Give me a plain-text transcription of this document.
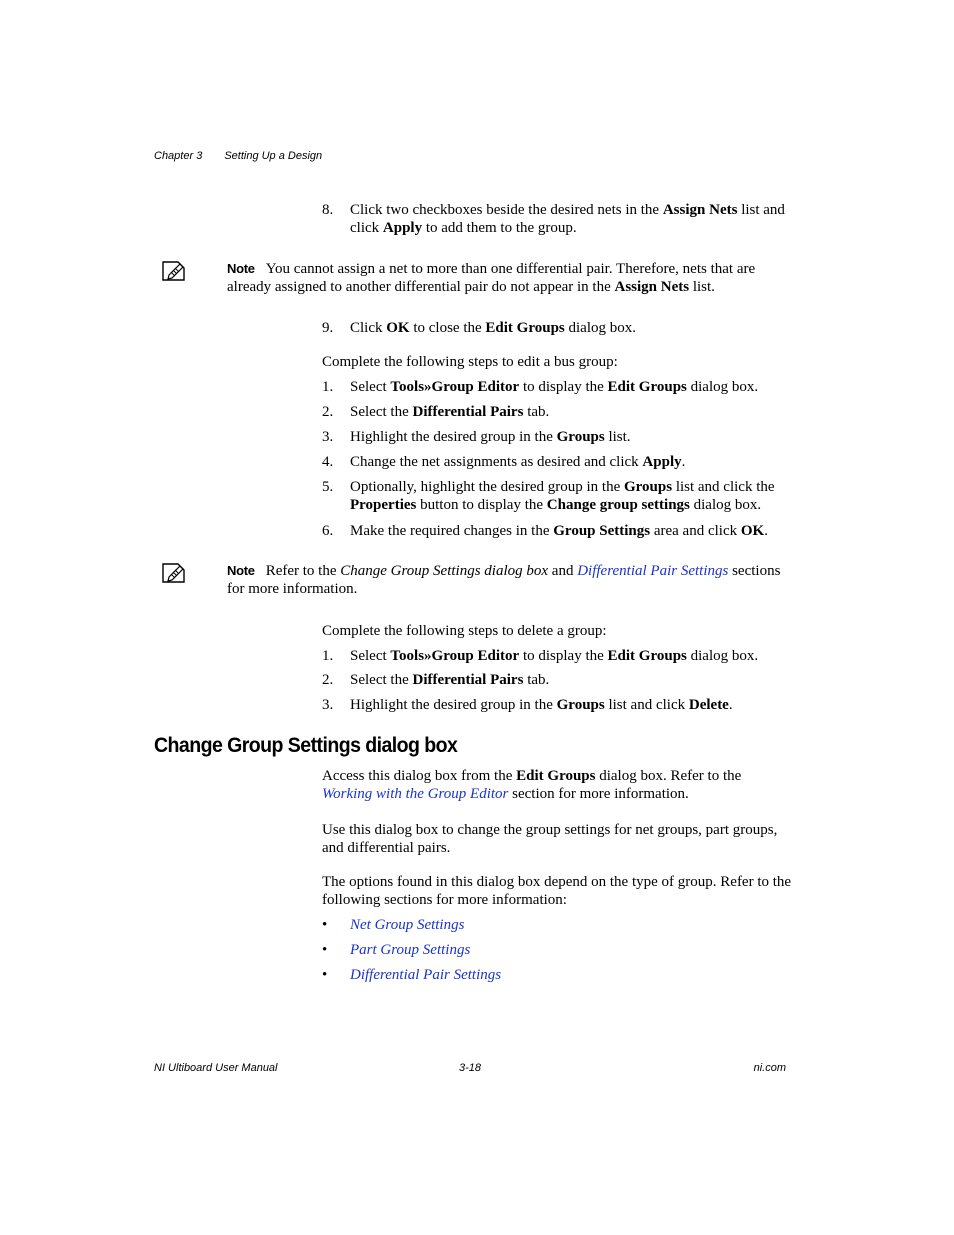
Chapter 3 Setting Up a Design
8. Click two checkboxes beside the desired nets in the Assign Nets list and click Apply to add them to the group.
Note You cannot assign a net to more than one differential pair. Therefore, nets that are already assigned to another differential pair do not appear in the Assign Nets list.
9. Click OK to close the Edit Groups dialog box.
Complete the following steps to edit a bus group:
1. Select Tools»Group Editor to display the Edit Groups dialog box.
2. Select the Differential Pairs tab.
3. Highlight the desired group in the Groups list.
4. Change the net assignments as desired and click Apply.
5. Optionally, highlight the desired group in the Groups list and click the Properties button to display the Change group settings dialog box.
6. Make the required changes in the Group Settings area and click OK.
Note Refer to the Change Group Settings dialog box and Differential Pair Settings sections for more information.
Complete the following steps to delete a group:
1. Select Tools»Group Editor to display the Edit Groups dialog box.
2. Select the Differential Pairs tab.
3. Highlight the desired group in the Groups list and click Delete.
Change Group Settings dialog box
Access this dialog box from the Edit Groups dialog box. Refer to the Working with the Group Editor section for more information.
Use this dialog box to change the group settings for net groups, part groups, and differential pairs.
The options found in this dialog box depend on the type of group. Refer to the following sections for more information:
• Net Group Settings
• Part Group Settings
• Differential Pair Settings
NI Ultiboard User Manual	3-18	ni.com
